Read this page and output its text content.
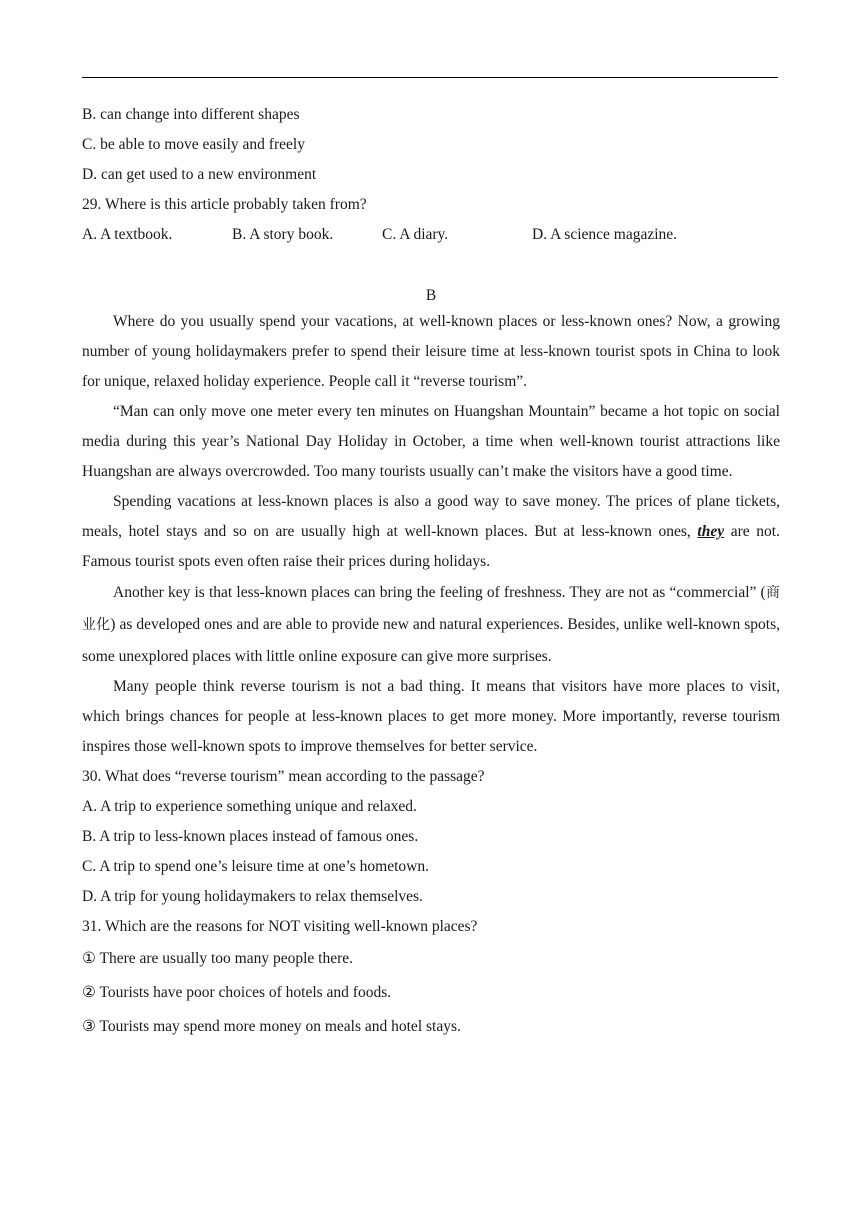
B. can change into different shapes
C. be able to move easily and freely
D. can get used to a new environment
29. Where is this article probably taken from?
A. A textbook.	B. A story book.	C. A diary.	D. A science magazine.
B

Where do you usually spend your vacations, at well-known places or less-known ones? Now, a growing number of young holidaymakers prefer to spend their leisure time at less-known tourist spots in China to look for unique, relaxed holiday experience. People call it “reverse tourism”.

“Man can only move one meter every ten minutes on Huangshan Mountain” became a hot topic on social media during this year’s National Day Holiday in October, a time when well-known tourist attractions like Huangshan are always overcrowded. Too many tourists usually can’t make the visitors have a good time.

Spending vacations at less-known places is also a good way to save money. The prices of plane tickets, meals, hotel stays and so on are usually high at well-known places. But at less-known ones, they are not. Famous tourist spots even often raise their prices during holidays.

Another key is that less-known places can bring the feeling of freshness. They are not as “commercial” (商业化) as developed ones and are able to provide new and natural experiences. Besides, unlike well-known spots, some unexplored places with little online exposure can give more surprises.

Many people think reverse tourism is not a bad thing. It means that visitors have more places to visit, which brings chances for people at less-known places to get more money. More importantly, reverse tourism inspires those well-known spots to improve themselves for better service.

30. What does “reverse tourism” mean according to the passage?
A. A trip to experience something unique and relaxed.
B. A trip to less-known places instead of famous ones.
C. A trip to spend one’s leisure time at one’s hometown.
D. A trip for young holidaymakers to relax themselves.
31. Which are the reasons for NOT visiting well-known places?
① There are usually too many people there.
② Tourists have poor choices of hotels and foods.
③ Tourists may spend more money on meals and hotel stays.
